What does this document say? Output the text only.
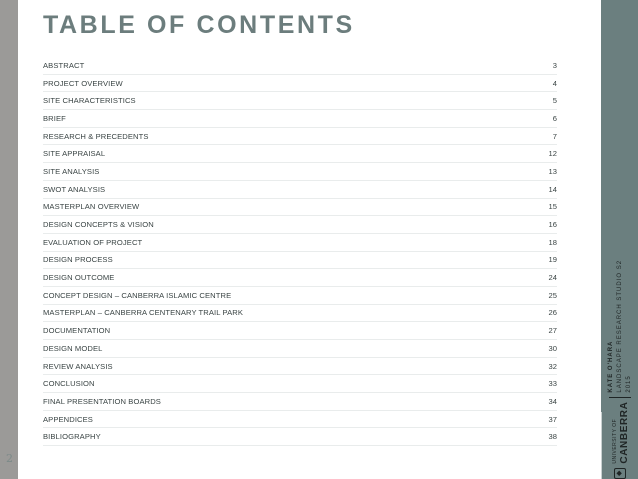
2
TABLE OF CONTENTS
ABSTRACT	3
PROJECT OVERVIEW	4
SITE CHARACTERISTICS	5
BRIEF	6
RESEARCH & PRECEDENTS	7
SITE APPRAISAL	12
SITE ANALYSIS	13
SWOT ANALYSIS	14
MASTERPLAN OVERVIEW	15
DESIGN CONCEPTS & VISION	16
EVALUATION OF PROJECT	18
DESIGN PROCESS	19
DESIGN OUTCOME	24
CONCEPT DESIGN – CANBERRA ISLAMIC CENTRE	25
MASTERPLAN – CANBERRA CENTENARY TRAIL PARK	26
DOCUMENTATION	27
DESIGN MODEL	30
REVIEW ANALYSIS	32
CONCLUSION	33
FINAL PRESENTATION BOARDS	34
APPENDICES	37
BIBLIOGRAPHY	38
◆
UNIVERSITY OF CANBERRA
KATE O'HARA LANDSCAPE RESEARCH STUDIO S2 2015
